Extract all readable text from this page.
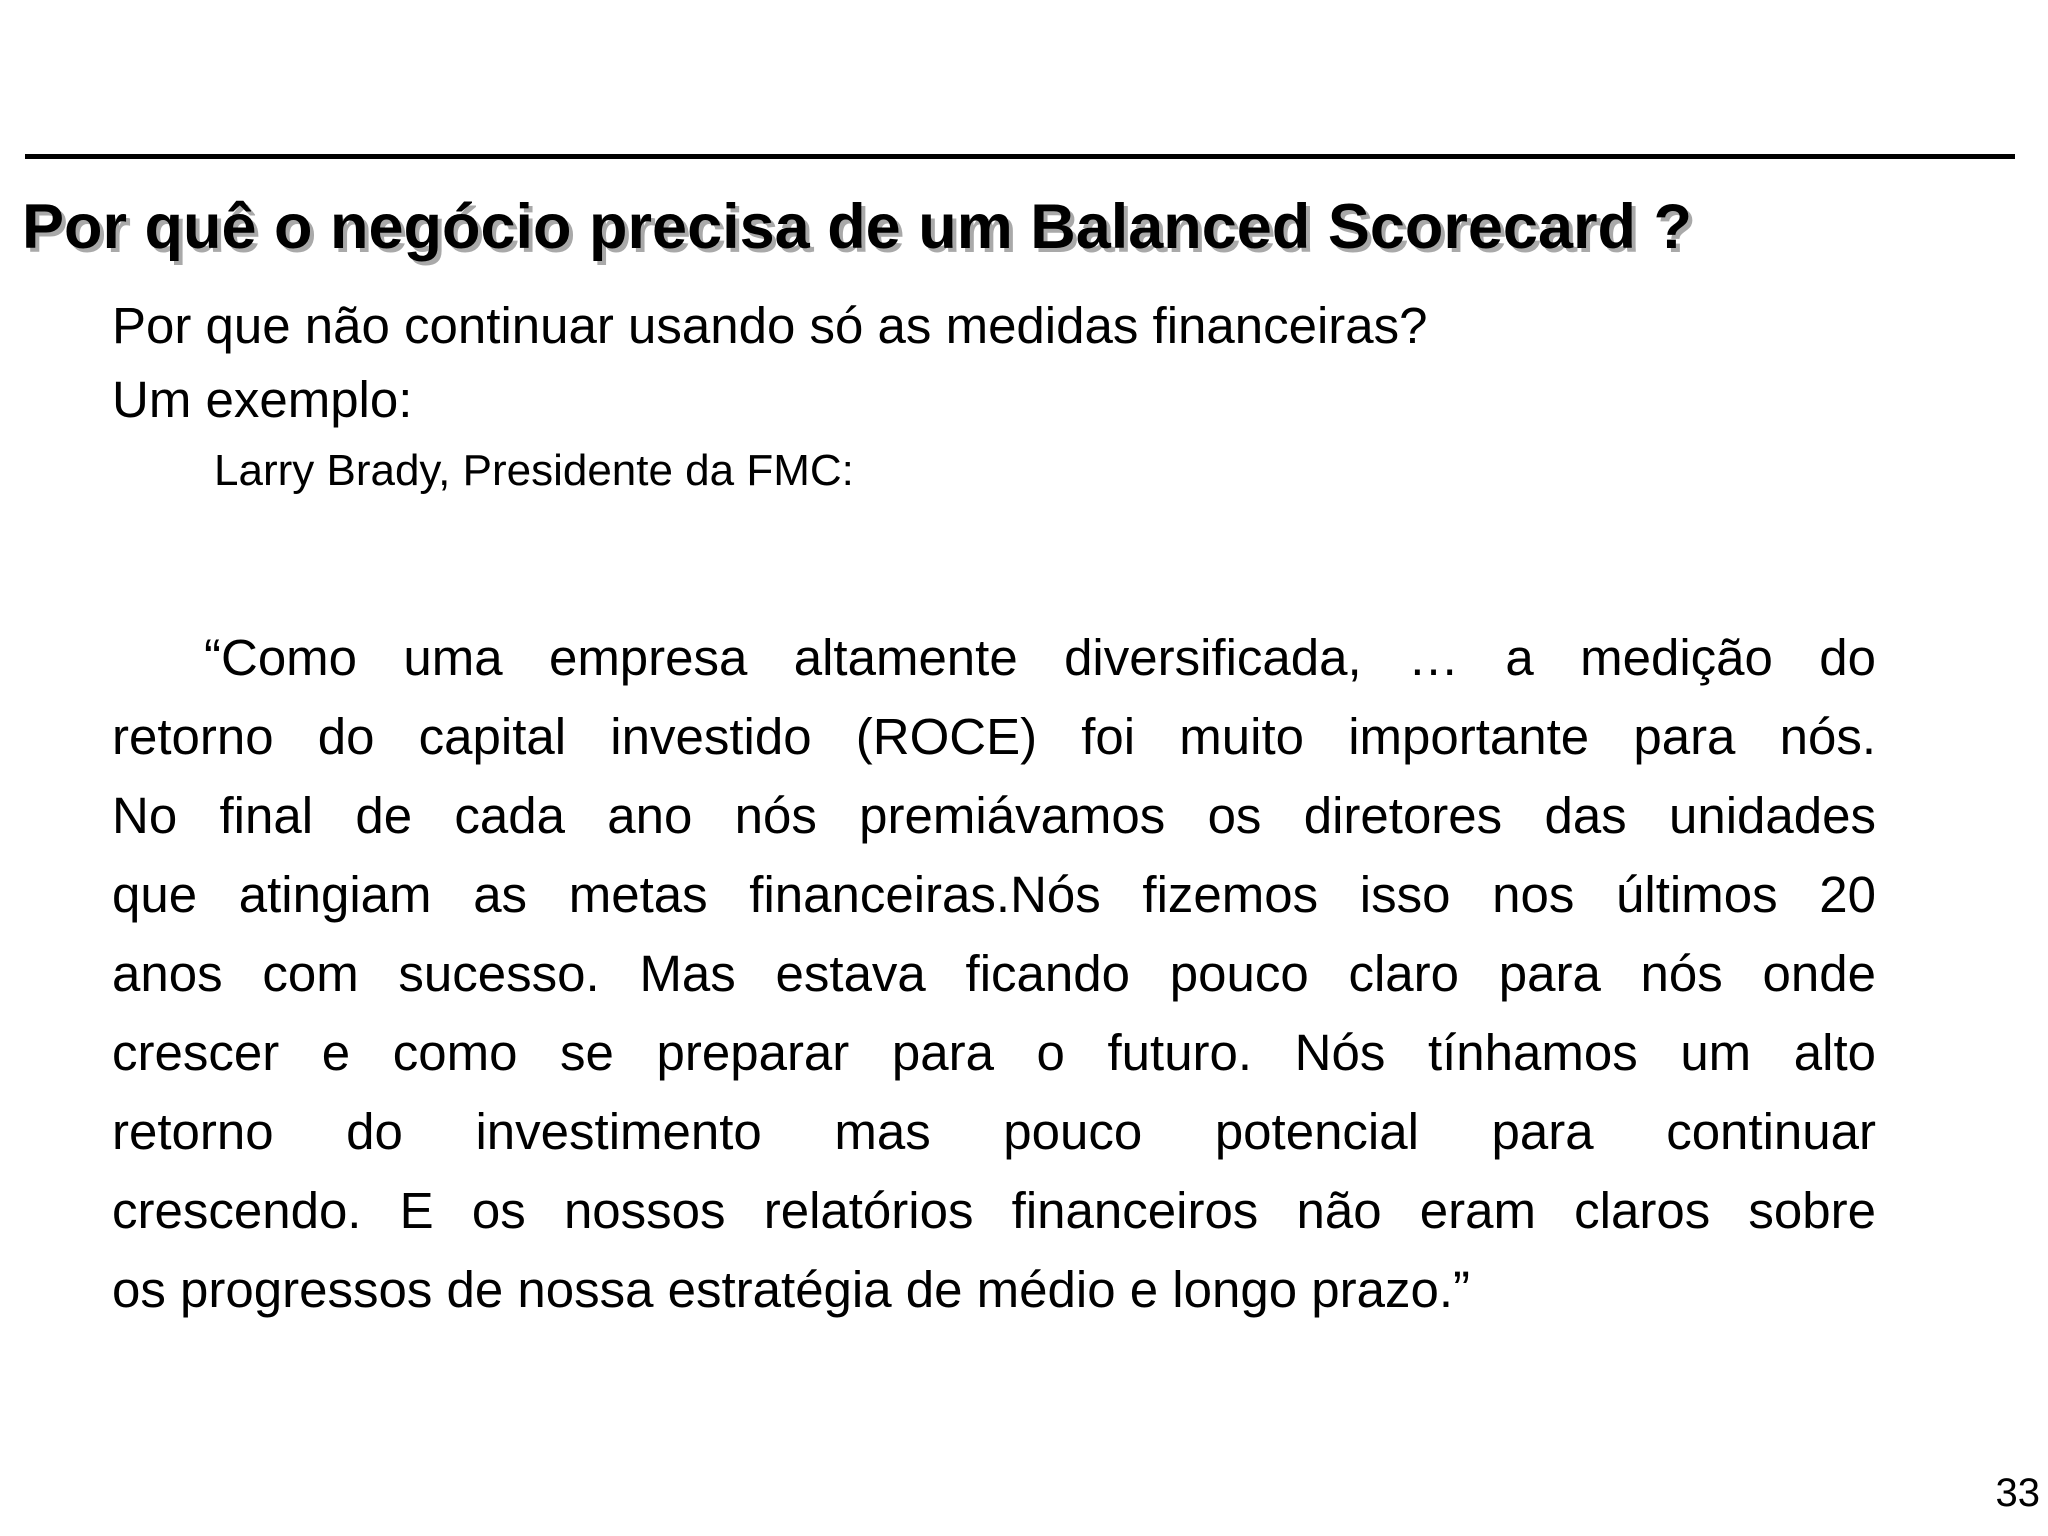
Por quê o negócio precisa de um Balanced Scorecard ?

Por que não continuar usando só as medidas financeiras?

Um exemplo:

Larry Brady, Presidente da FMC:

“Como uma empresa altamente diversificada, … a medição do
retorno do capital investido (ROCE) foi muito importante para nós.
No final de cada ano nós premiávamos os diretores das unidades
que atingiam as metas financeiras.Nós fizemos isso nos últimos 20
anos com sucesso. Mas estava ficando pouco claro para nós onde
crescer e como se preparar para o futuro. Nós tínhamos um alto
retorno do investimento mas pouco potencial para continuar
crescendo. E os nossos relatórios financeiros não eram claros sobre
os progressos de nossa estratégia de médio e longo prazo.”

33
